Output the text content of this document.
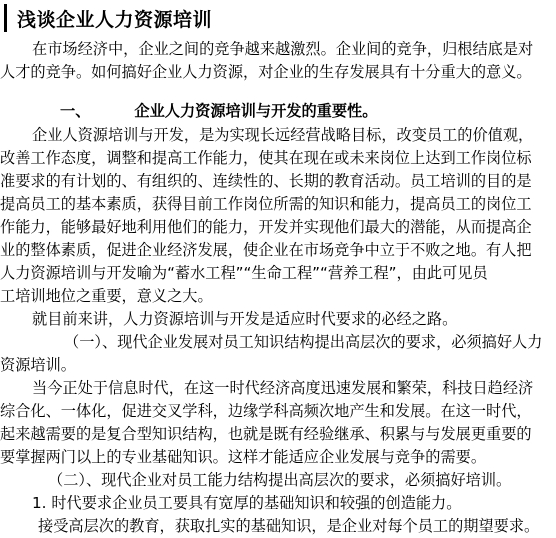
浅谈企业人力资源培训
在市场经济中，企业之间的竞争越来越激烈。企业间的竞争，归根结底是对
人才的竞争。如何搞好企业人力资源，对企业的生存发展具有十分重大的意义。
一、	企业人力资源培训与开发的重要性。
企业人资源培训与开发，是为实现长远经营战略目标，改变员工的价值观，
改善工作态度，调整和提高工作能力，使其在现在或未来岗位上达到工作岗位标
准要求的有计划的、有组织的、连续性的、长期的教育活动。员工培训的目的是
提高员工的基本素质，获得目前工作岗位所需的知识和能力，提高员工的岗位工
作能力，能够最好地利用他们的能力，开发并实现他们最大的潜能，从而提高企
业的整体素质，促进企业经济发展，使企业在市场竞争中立于不败之地。有人把
人力资源培训与开发喻为“蓄水工程”“生命工程”“营养工程”，由此可见员
工培训地位之重要，意义之大。
就目前来讲，人力资源培训与开发是适应时代要求的必经之路。
（一）、现代企业发展对员工知识结构提出高层次的要求，必须搞好人力
资源培训。
当今正处于信息时代，在这一时代经济高度迅速发展和繁荣，科技日趋经济
综合化、一体化，促进交叉学科，边缘学科高频次地产生和发展。在这一时代，
起来越需要的是复合型知识结构，也就是既有经验继承、积累与与发展更重要的
要掌握两门以上的专业基础知识。这样才能适应企业发展与竞争的需要。
（二）、现代企业对员工能力结构提出高层次的要求，必须搞好培训。
1. 时代要求企业员工要具有宽厚的基础知识和较强的创造能力。
接受高层次的教育，获取扎实的基础知识，是企业对每个员工的期望要求。
